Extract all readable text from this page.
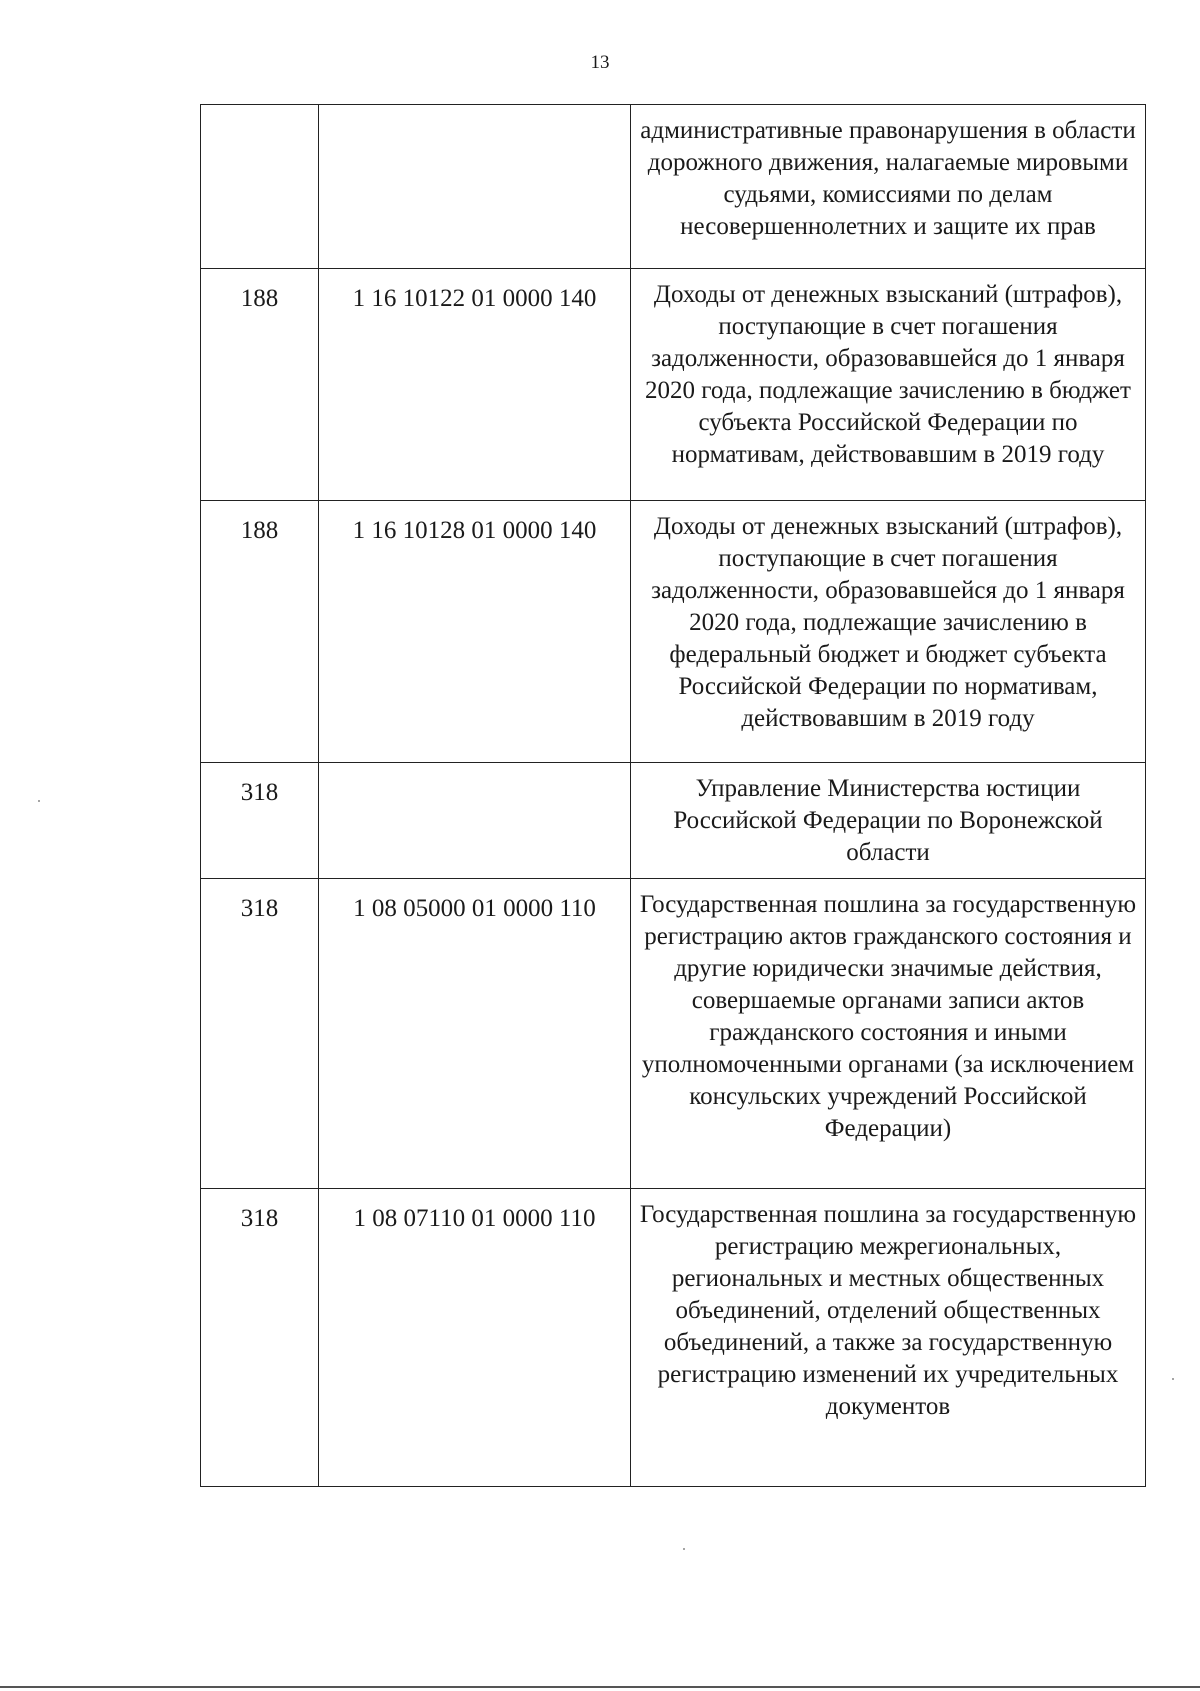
13
		административные правонарушения в области дорожного движения, налагаемые мировыми судьями, комиссиями по делам несовершеннолетних и защите их прав
188	1 16 10122 01 0000 140	Доходы от денежных взысканий (штрафов), поступающие в счет погашения задолженности, образовавшейся до 1 января 2020 года, подлежащие зачислению в бюджет субъекта Российской Федерации по нормативам, действовавшим в 2019 году
188	1 16 10128 01 0000 140	Доходы от денежных взысканий (штрафов), поступающие в счет погашения задолженности, образовавшейся до 1 января 2020 года, подлежащие зачислению в федеральный бюджет и бюджет субъекта Российской Федерации по нормативам, действовавшим в 2019 году
318		Управление Министерства юстиции Российской Федерации по Воронежской области
318	1 08 05000 01 0000 110	Государственная пошлина за государственную регистрацию актов гражданского состояния и другие юридически значимые действия, совершаемые органами записи актов гражданского состояния и иными уполномоченными органами (за исключением консульских учреждений Российской Федерации)
318	1 08 07110 01 0000 110	Государственная пошлина за государственную регистрацию межрегиональных, региональных и местных общественных объединений, отделений общественных объединений, а также за государственную регистрацию изменений их учредительных документов
